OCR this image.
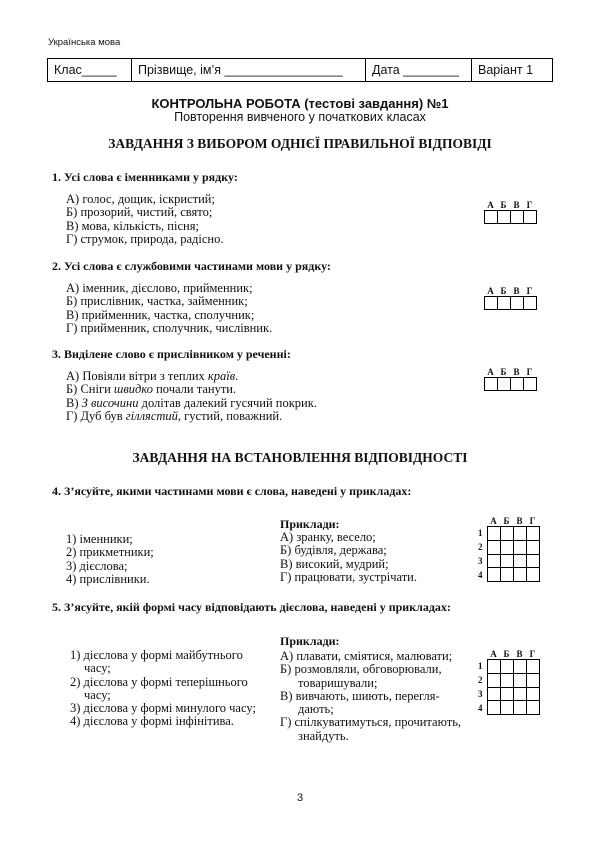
Українська мова
Клас_____	Прізвище, ім’я _________________	Дата ________	Варіант 1
КОНТРОЛЬНА РОБОТА (тестові завдання) №1
Повторення вивченого у початкових класах
ЗАВДАННЯ З ВИБОРОМ ОДНІЄЇ ПРАВИЛЬНОЇ ВІДПОВІДІ
1. Усі слова є іменниками у рядку:
А) голос, дощик, іскристий;
Б) прозорий, чистий, свято;
В) мова, кількість, пісня;
Г) струмок, природа, радісно.
А Б В Г

2. Усі слова є службовими частинами мови у рядку:
А) іменник, дієслово, прийменник;
Б) прислівник, частка, займенник;
В) прийменник, частка, сполучник;
Г) прийменник, сполучник, числівник.
А Б В Г

3. Виділене слово є прислівником у реченні:
А) Повіяли вітри з теплих країв.
Б) Сніги швидко почали танути.
В) З височини долітав далекий гусячий покрик.
Г) Дуб був гіллястий, густий, поважний.
А Б В Г

ЗАВДАННЯ НА ВСТАНОВЛЕННЯ ВІДПОВІДНОСТІ
4. З’ясуйте, якими частинами мови є слова, наведені у прикладах:
Приклади:
1) іменники;
2) прикметники;
3) дієслова;
4) прислівники.
А) зранку, весело;
Б) будівля, держава;
В) високий, мудрий;
Г) працювати, зустрічати.
А Б В Г
1
2
3
4

5. З’ясуйте, якій формі часу відповідають дієслова, наведені у прикладах:
Приклади:
1) дієслова у формі майбутнього
часу;
2) дієслова у формі теперішнього
часу;
3) дієслова у формі минулого часу;
4) дієслова у формі інфінітива.
А) плавати, сміятися, малювати;
Б) розмовляли, обговорювали,
товаришували;
В) вивчають, шиють, перегля-
дають;
Г) спілкуватимуться, прочитають,
знайдуть.
А Б В Г
1
2
3
4

3
